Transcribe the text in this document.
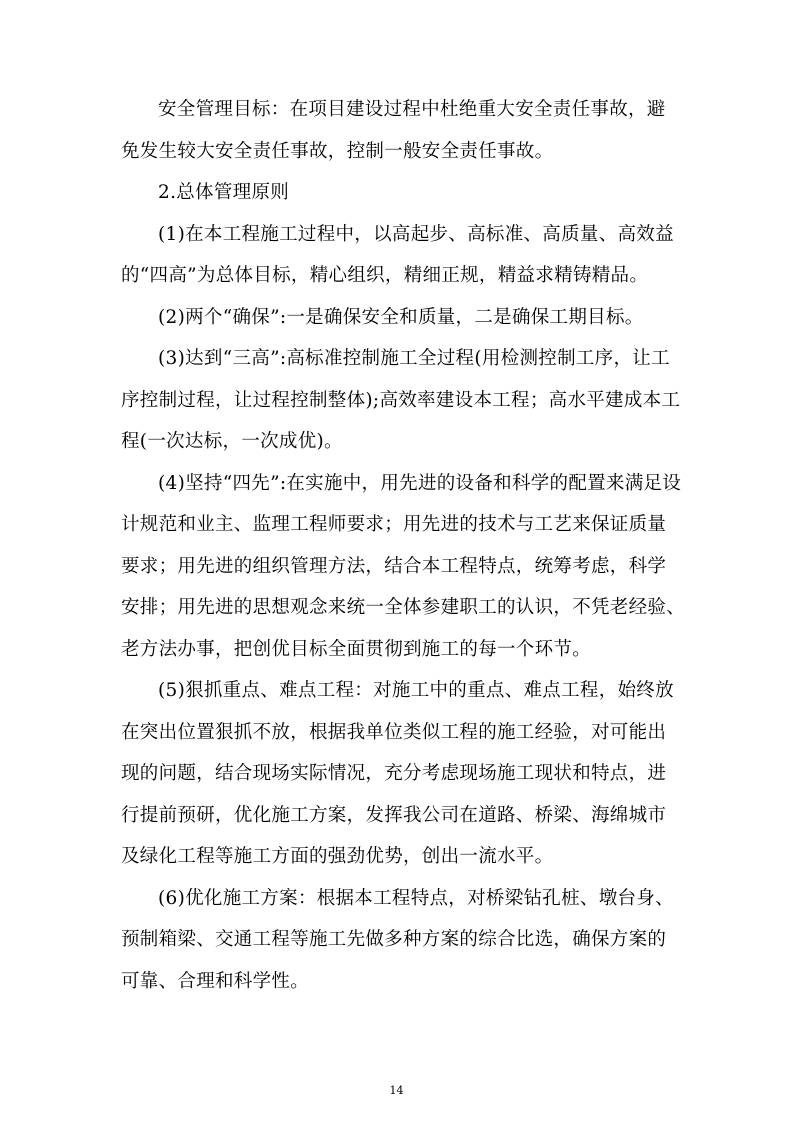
安全管理目标：在项目建设过程中杜绝重大安全责任事故，避
免发生较大安全责任事故，控制一般安全责任事故。
2.总体管理原则
(1)在本工程施工过程中，以高起步、高标准、高质量、高效益
的“四高”为总体目标，精心组织，精细正规，精益求精铸精品。
(2)两个“确保”:一是确保安全和质量，二是确保工期目标。
(3)达到“三高”:高标准控制施工全过程(用检测控制工序，让工
序控制过程，让过程控制整体);高效率建设本工程；高水平建成本工
程(一次达标，一次成优)。
(4)坚持“四先”:在实施中，用先进的设备和科学的配置来满足设
计规范和业主、监理工程师要求；用先进的技术与工艺来保证质量
要求；用先进的组织管理方法，结合本工程特点，统筹考虑，科学
安排；用先进的思想观念来统一全体参建职工的认识，不凭老经验、
老方法办事，把创优目标全面贯彻到施工的每一个环节。
(5)狠抓重点、难点工程：对施工中的重点、难点工程，始终放
在突出位置狠抓不放，根据我单位类似工程的施工经验，对可能出
现的问题，结合现场实际情况，充分考虑现场施工现状和特点，进
行提前预研，优化施工方案，发挥我公司在道路、桥梁、海绵城市
及绿化工程等施工方面的强劲优势，创出一流水平。
(6)优化施工方案：根据本工程特点，对桥梁钻孔桩、墩台身、
预制箱梁、交通工程等施工先做多种方案的综合比选，确保方案的
可靠、合理和科学性。
14
